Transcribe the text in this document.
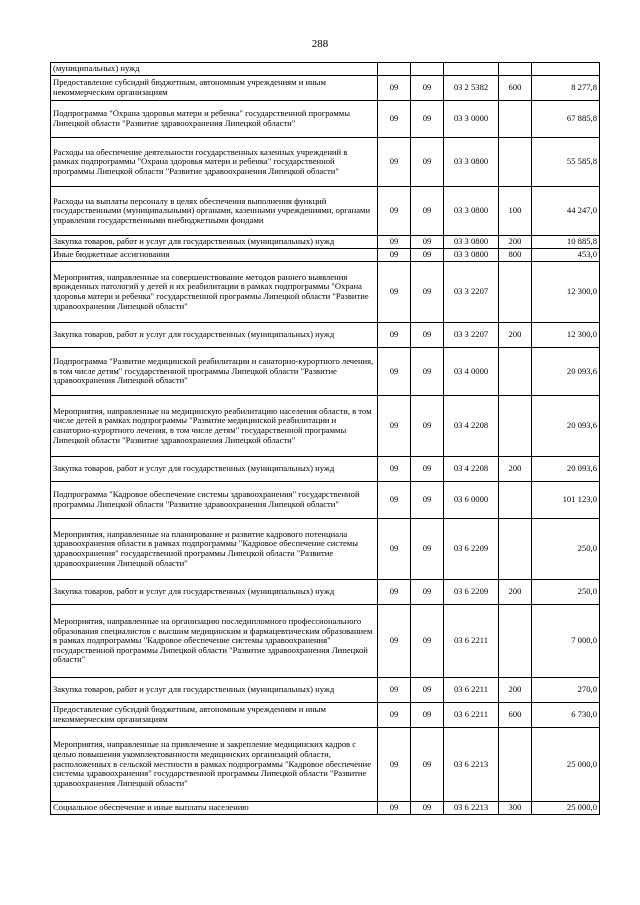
288
(муниципальных) нужд					
Предоставление субсидий бюджетным, автономным учреждениям и иным некоммерческим организациям	09	09	03 2 5382	600	8 277,8
Подпрограмма "Охрана здоровья матери и ребенка" государственной программы Липецкой области "Развитие здравоохранения Липецкой области"	09	09	03 3 0000		67 885,8
Расходы на обеспечение деятельности государственных казенных учреждений в рамках подпрограммы "Охрана здоровья матери и ребенка" государственной программы Липецкой области "Развитие здравоохранения Липецкой области"	09	09	03 3 0800		55 585,8
Расходы на выплаты персоналу в целях обеспечения выполнения функций государственными (муниципальными) органами, казенными учреждениями, органами управления государственными внебюджетными фондами	09	09	03 3 0800	100	44 247,0
Закупка товаров, работ и услуг для государственных (муниципальных) нужд	09	09	03 3 0800	200	10 885,8
Иные бюджетные ассигнования	09	09	03 3 0800	800	453,0
Мероприятия, направленные на совершенствование методов раннего выявления врожденных патологий у детей и их реабилитации в рамках подпрограммы "Охрана здоровья матери и ребенка" государственной программы Липецкой области "Развитие здравоохранения Липецкой области"	09	09	03 3 2207		12 300,0
Закупка товаров, работ и услуг для государственных (муниципальных) нужд	09	09	03 3 2207	200	12 300,0
Подпрограмма "Развитие медицинской реабилитации и санаторно-курортного лечения, в том числе детям" государственной программы Липецкой области "Развитие здравоохранения Липецкой области"	09	09	03 4 0000		20 093,6
Мероприятия, направленные на медицинскую реабилитацию населения области, в том числе детей в рамках подпрограммы "Развитие медицинской реабилитации и санаторно-курортного лечения, в том числе детям" государственной программы Липецкой области "Развитие здравоохранения Липецкой области"	09	09	03 4 2208		20 093,6
Закупка товаров, работ и услуг для государственных (муниципальных) нужд	09	09	03 4 2208	200	20 093,6
Подпрограмма "Кадровое обеспечение системы здравоохранения" государственной программы Липецкой области "Развитие здравоохранения Липецкой области"	09	09	03 6 0000		101 123,0
Мероприятия, направленные на планирование и развитие кадрового потенциала здравоохранения области в рамках подпрограммы "Кадровое обеспечение системы здравоохранения" государственной программы Липецкой области "Развитие здравоохранения Липецкой области"	09	09	03 6 2209		250,0
Закупка товаров, работ и услуг для государственных (муниципальных) нужд	09	09	03 6 2209	200	250,0
Мероприятия, направленные на организацию последипломного профессионального образования специалистов с высшим медицинским и фармацевтическим образованием в рамках подпрограммы "Кадровое обеспечение системы здравоохранения" государственной программы Липецкой области "Развитие здравоохранения Липецкой области"	09	09	03 6 2211		7 000,0
Закупка товаров, работ и услуг для государственных (муниципальных) нужд	09	09	03 6 2211	200	270,0
Предоставление субсидий бюджетным, автономным учреждениям и иным некоммерческим организациям	09	09	03 6 2211	600	6 730,0
Мероприятия, направленные на привлечение и закрепление медицинских кадров с целью повышения укомплектованности медицинских организаций области, расположенных в сельской местности в рамках подпрограммы "Кадровое обеспечение системы здравоохранения" государственной программы Липецкой области "Развитие здравоохранения Липецкой области"	09	09	03 6 2213		25 000,0
Социальное обеспечение и иные выплаты населению	09	09	03 6 2213	300	25 000,0
